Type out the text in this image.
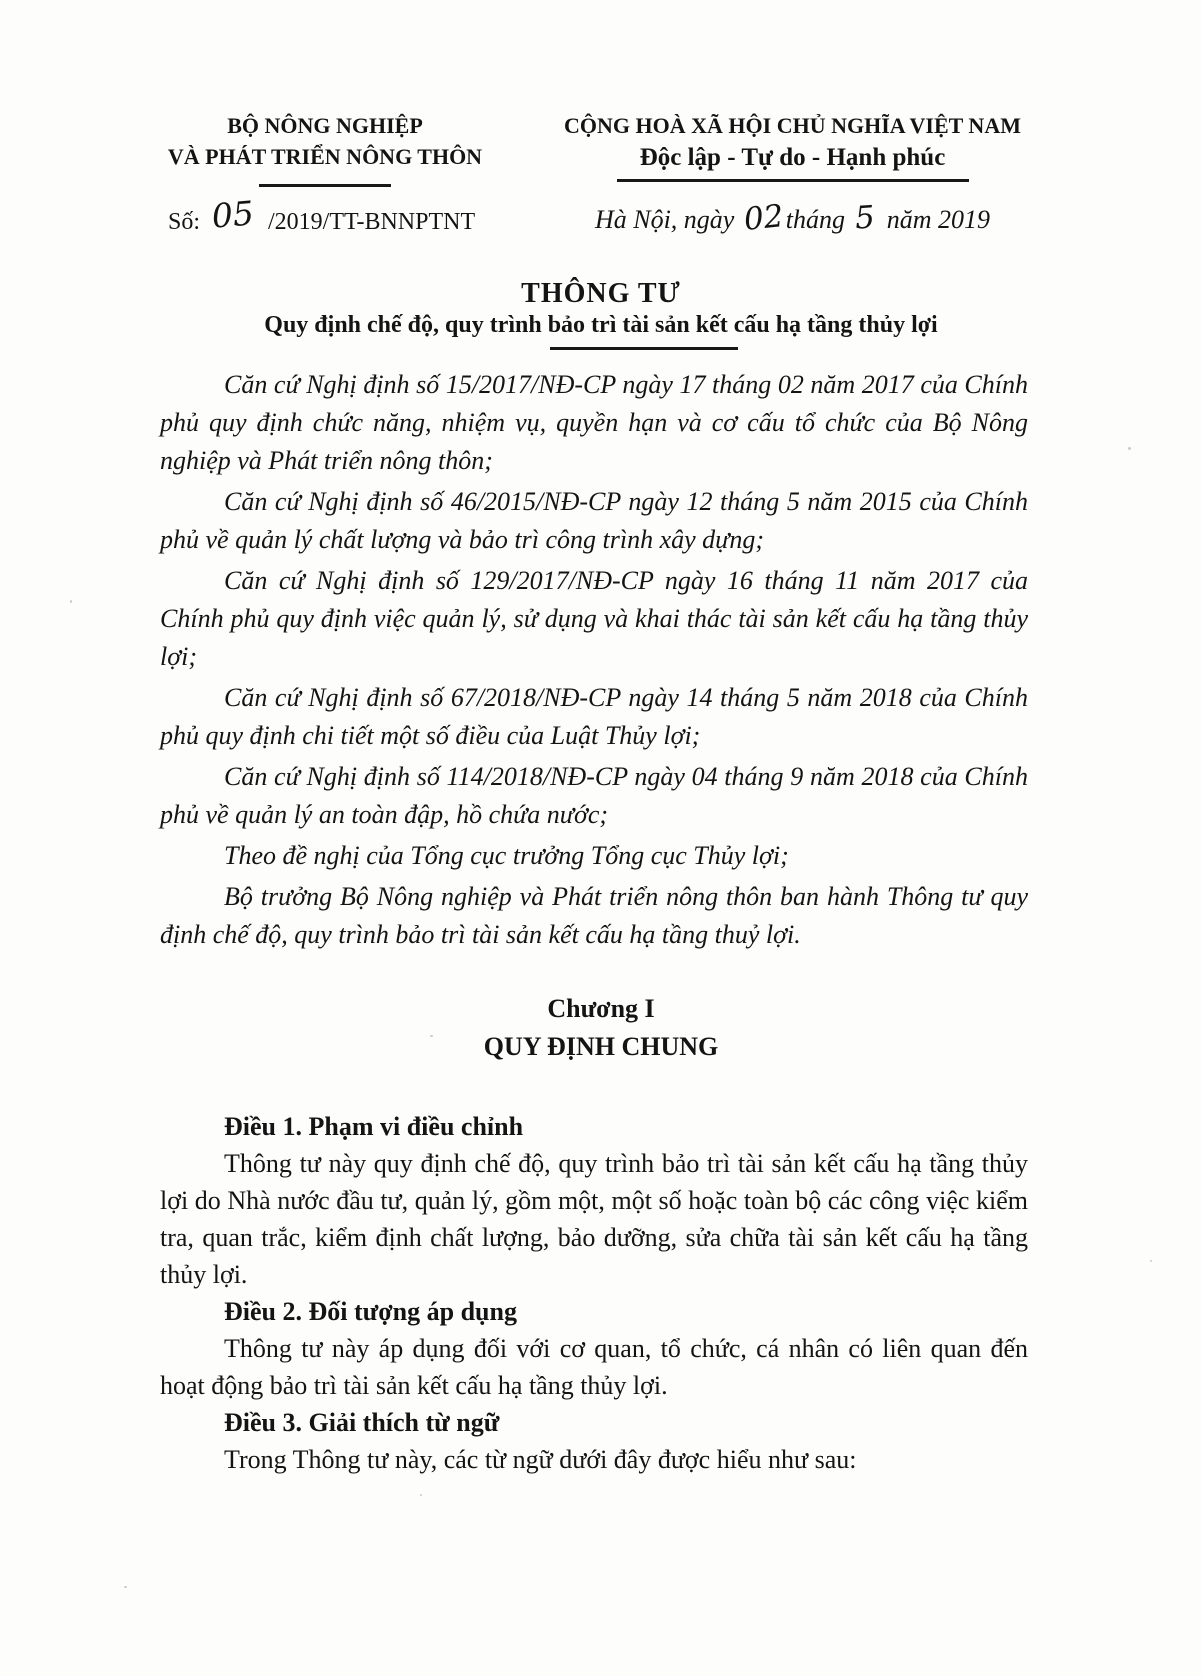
BỘ NÔNG NGHIỆP
VÀ PHÁT TRIỂN NÔNG THÔN
Số: 05 /2019/TT-BNNPTNT
CỘNG HOÀ XÃ HỘI CHỦ NGHĨA VIỆT NAM
Độc lập - Tự do - Hạnh phúc
Hà Nội, ngày 02tháng 5 năm 2019
THÔNG TƯ
Quy định chế độ, quy trình bảo trì tài sản kết cấu hạ tầng thủy lợi

Căn cứ Nghị định số 15/2017/NĐ-CP ngày 17 tháng 02 năm 2017 của Chính phủ quy định chức năng, nhiệm vụ, quyền hạn và cơ cấu tổ chức của Bộ Nông nghiệp và Phát triển nông thôn;

Căn cứ Nghị định số 46/2015/NĐ-CP ngày 12 tháng 5 năm 2015 của Chính phủ về quản lý chất lượng và bảo trì công trình xây dựng;

Căn cứ Nghị định số 129/2017/NĐ-CP ngày 16 tháng 11 năm 2017 của Chính phủ quy định việc quản lý, sử dụng và khai thác tài sản kết cấu hạ tầng thủy lợi;

Căn cứ Nghị định số 67/2018/NĐ-CP ngày 14 tháng 5 năm 2018 của Chính phủ quy định chi tiết một số điều của Luật Thủy lợi;

Căn cứ Nghị định số 114/2018/NĐ-CP ngày 04 tháng 9 năm 2018 của Chính phủ về quản lý an toàn đập, hồ chứa nước;

Theo đề nghị của Tổng cục trưởng Tổng cục Thủy lợi;

Bộ trưởng Bộ Nông nghiệp và Phát triển nông thôn ban hành Thông tư quy định chế độ, quy trình bảo trì tài sản kết cấu hạ tầng thuỷ lợi.

Chương I
QUY ĐỊNH CHUNG
Điều 1. Phạm vi điều chỉnh

Thông tư này quy định chế độ, quy trình bảo trì tài sản kết cấu hạ tầng thủy lợi do Nhà nước đầu tư, quản lý, gồm một, một số hoặc toàn bộ các công việc kiểm tra, quan trắc, kiểm định chất lượng, bảo dưỡng, sửa chữa tài sản kết cấu hạ tầng thủy lợi.

Điều 2. Đối tượng áp dụng

Thông tư này áp dụng đối với cơ quan, tổ chức, cá nhân có liên quan đến hoạt động bảo trì tài sản kết cấu hạ tầng thủy lợi.

Điều 3. Giải thích từ ngữ

Trong Thông tư này, các từ ngữ dưới đây được hiểu như sau:
